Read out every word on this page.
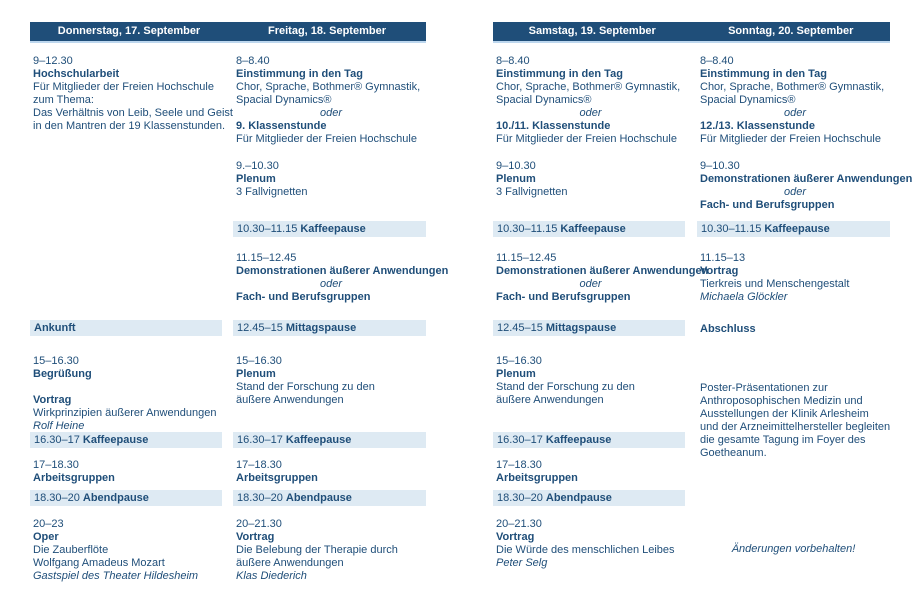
Donnerstag, 17. September	Freitag, 18. September
9–12.30
Hochschularbeit
Für Mitglieder der Freien Hochschule
zum Thema:
Das Verhältnis von Leib, Seele und Geist
in den Mantren der 19 Klassenstunden.
Ankunft
15–16.30
Begrüßung

Vortrag
Wirkprinzipien äußerer Anwendungen
Rolf Heine
16.30–17 Kaffeepause
17–18.30
Arbeitsgruppen
18.30–20 Abendpause
20–23
Oper
Die Zauberflöte
Wolfgang Amadeus Mozart
Gastspiel des Theater Hildesheim
8–8.40
Einstimmung in den Tag
Chor, Sprache, Bothmer® Gymnastik,
Spacial Dynamics®
oder
9. Klassenstunde
Für Mitglieder der Freien Hochschule
9.–10.30
Plenum
3 Fallvignetten
10.30–11.15 Kaffeepause
11.15–12.45
Demonstrationen äußerer Anwendungen
oder
Fach- und Berufsgruppen
12.45–15 Mittagspause
15–16.30
Plenum
Stand der Forschung zu den
äußere Anwendungen
16.30–17 Kaffeepause
17–18.30
Arbeitsgruppen
18.30–20 Abendpause
20–21.30
Vortrag
Die Belebung der Therapie durch
äußere Anwendungen
Klas Diederich
Samstag, 19. September	Sonntag, 20. September
8–8.40
Einstimmung in den Tag
Chor, Sprache, Bothmer® Gymnastik,
Spacial Dynamics®
oder
10./11. Klassenstunde
Für Mitglieder der Freien Hochschule
9–10.30
Plenum
3 Fallvignetten
10.30–11.15 Kaffeepause
11.15–12.45
Demonstrationen äußerer Anwendungen
oder
Fach- und Berufsgruppen
12.45–15 Mittagspause
15–16.30
Plenum
Stand der Forschung zu den
äußere Anwendungen
16.30–17 Kaffeepause
17–18.30
Arbeitsgruppen
18.30–20 Abendpause
20–21.30
Vortrag
Die Würde des menschlichen Leibes
Peter Selg
8–8.40
Einstimmung in den Tag
Chor, Sprache, Bothmer® Gymnastik,
Spacial Dynamics®
oder
12./13. Klassenstunde
Für Mitglieder der Freien Hochschule
9–10.30
Demonstrationen äußerer Anwendungen
oder
Fach- und Berufsgruppen
10.30–11.15 Kaffeepause
11.15–13
Vortrag
Tierkreis und Menschengestalt
Michaela Glöckler
Abschluss
Poster-Präsentationen zur
Anthroposophischen Medizin und
Ausstellungen der Klinik Arlesheim
und der Arzneimittelhersteller begleiten
die gesamte Tagung im Foyer des
Goetheanum.
Änderungen vorbehalten!
